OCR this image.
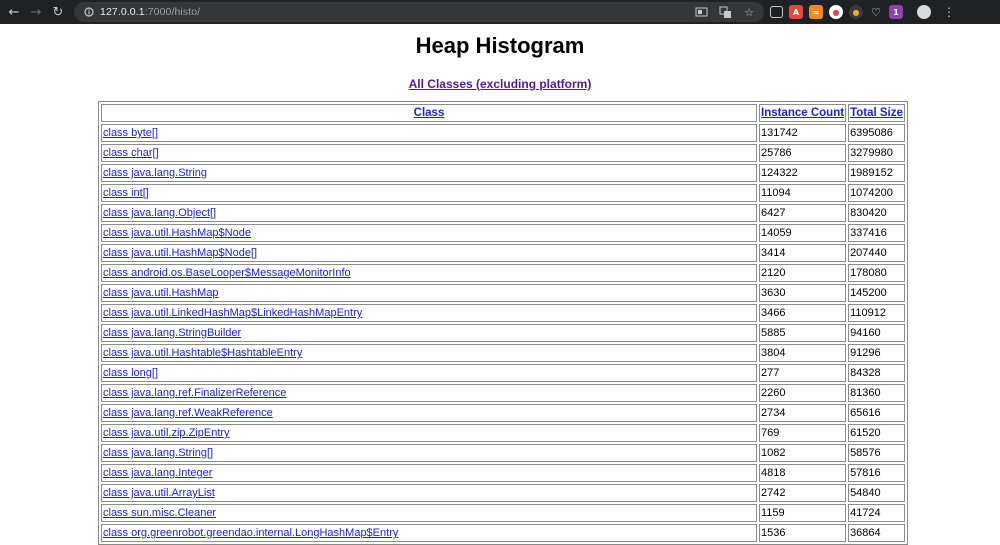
← → ↻	127.0.0.1:7000/histo/	☆	A	≈	●	●	♡	1	⋮
Heap Histogram
All Classes (excluding platform)
Class	Instance Count	Total Size
class byte[]	131742	6395086
class char[]	25786	3279980
class java.lang.String	124322	1989152
class int[]	11094	1074200
class java.lang.Object[]	6427	830420
class java.util.HashMap$Node	14059	337416
class java.util.HashMap$Node[]	3414	207440
class android.os.BaseLooper$MessageMonitorInfo	2120	178080
class java.util.HashMap	3630	145200
class java.util.LinkedHashMap$LinkedHashMapEntry	3466	110912
class java.lang.StringBuilder	5885	94160
class java.util.Hashtable$HashtableEntry	3804	91296
class long[]	277	84328
class java.lang.ref.FinalizerReference	2260	81360
class java.lang.ref.WeakReference	2734	65616
class java.util.zip.ZipEntry	769	61520
class java.lang.String[]	1082	58576
class java.lang.Integer	4818	57816
class java.util.ArrayList	2742	54840
class sun.misc.Cleaner	1159	41724
class org.greenrobot.greendao.internal.LongHashMap$Entry	1536	36864
